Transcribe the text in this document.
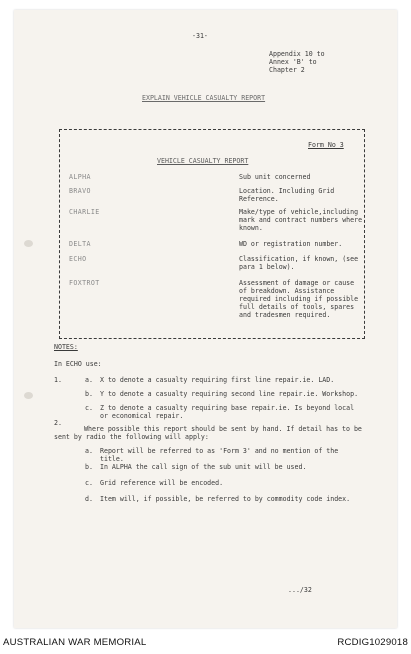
-31-
Appendix 10 to
Annex 'B' to
Chapter 2
EXPLAIN VEHICLE CASUALTY REPORT
Form No 3
VEHICLE CASUALTY REPORT
ALPHA	Sub unit concerned
BRAVO	Location. Including Grid Reference.
CHARLIE	Make/type of vehicle,including mark and contract numbers where known.
DELTA	WD or registration number.
ECHO	Classification, if known, (see para 1 below).
FOXTROT	Assessment of damage or cause of breakdown. Assistance required including if possible full details of tools, spares and tradesmen required.
NOTES:
In ECHO use:
1.	a. X to denote a casualty requiring first line repair.ie. LAD.
b. Y to denote a casualty requiring second line repair.ie. Workshop.
c. Z to denote a casualty requiring base repair.ie. Is beyond local or economical repair.
2.
Where possible this report should be sent by hand. If detail has to be sent by radio the following will apply:
a. Report will be referred to as 'Form 3' and no mention of the title.
b. In ALPHA the call sign of the sub unit will be used.
c. Grid reference will be encoded.
d. Item will, if possible, be referred to by commodity code index.
.../32
AUSTRALIAN WAR MEMORIAL	RCDIG1029018
